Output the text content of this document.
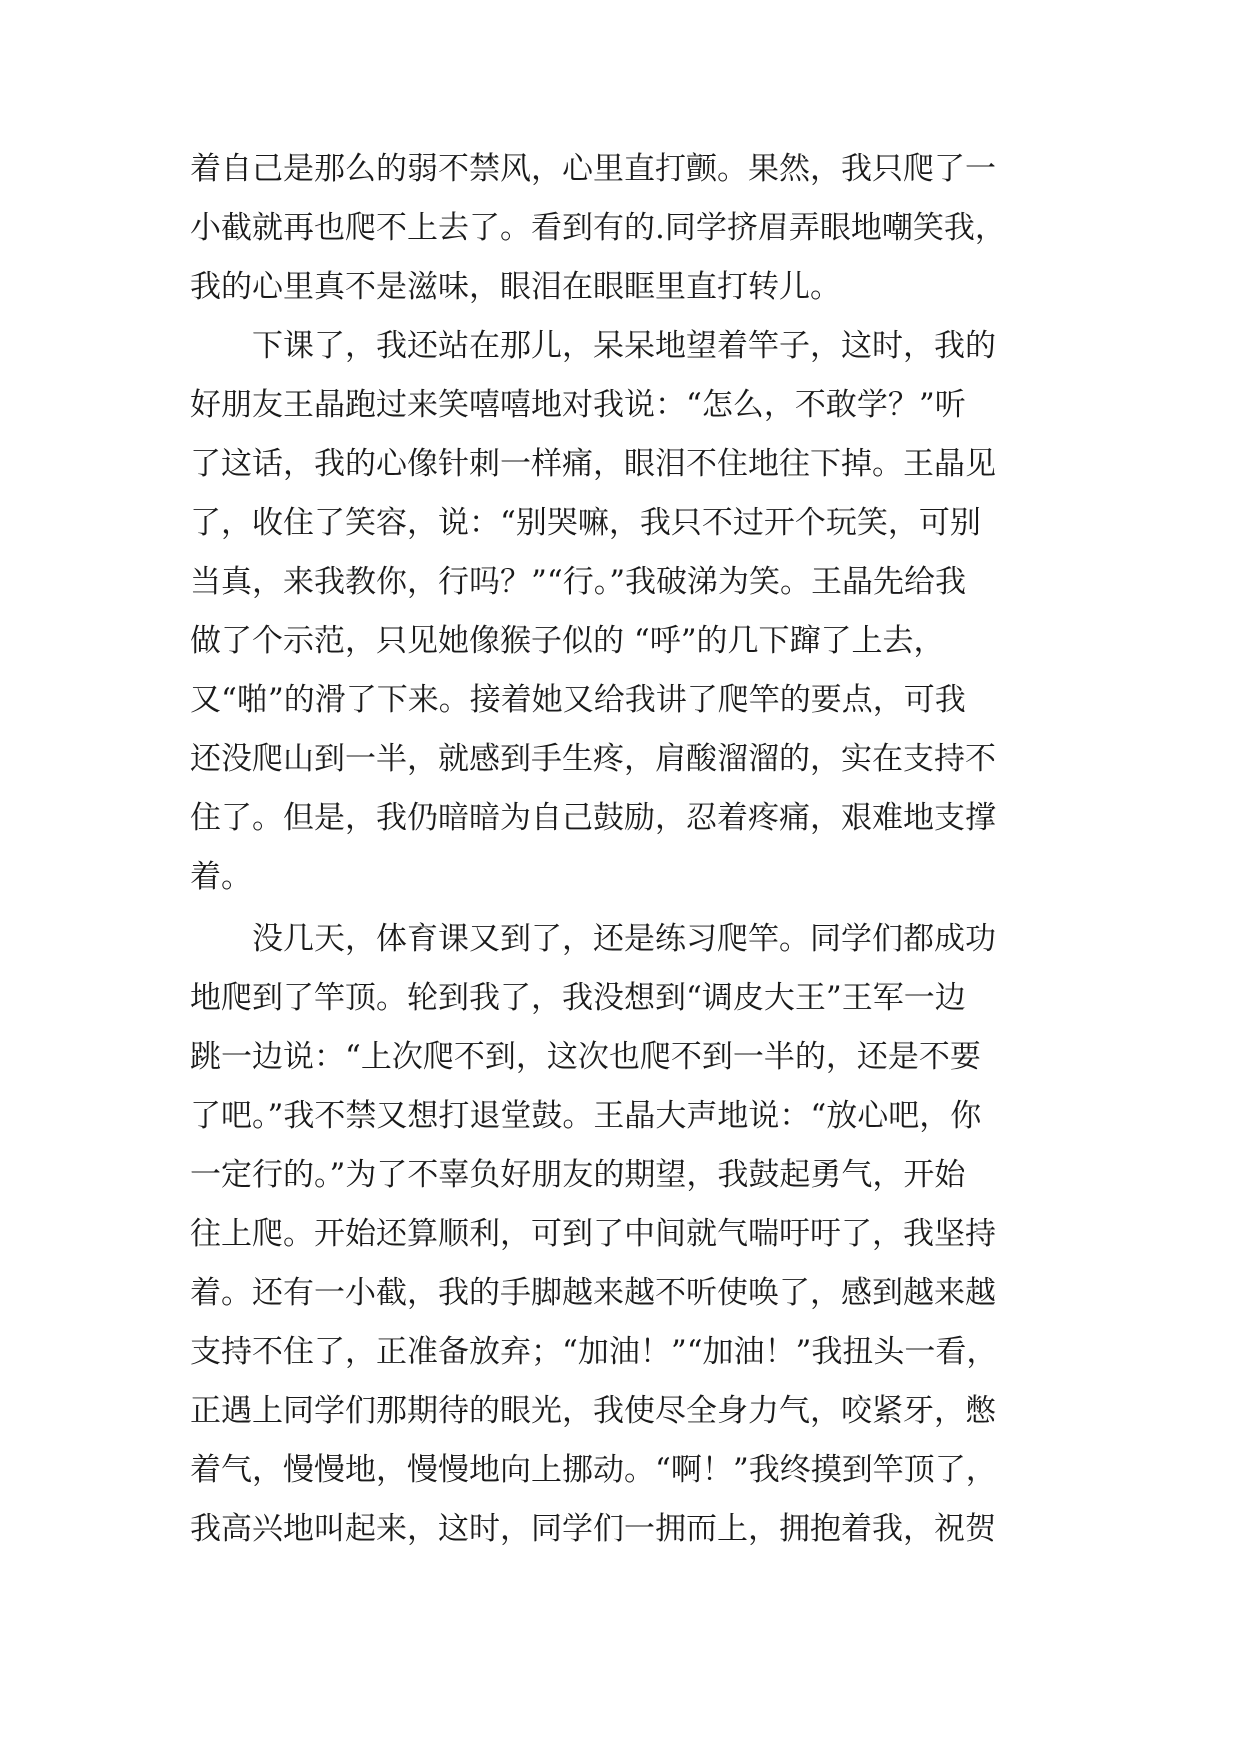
着自己是那么的弱不禁风，心里直打颤。果然，我只爬了一
小截就再也爬不上去了。看到有的.同学挤眉弄眼地嘲笑我，
我的心里真不是滋味，眼泪在眼眶里直打转儿。
　　下课了，我还站在那儿，呆呆地望着竿子，这时，我的
好朋友王晶跑过来笑嘻嘻地对我说：“怎么，不敢学？”听
了这话，我的心像针刺一样痛，眼泪不住地往下掉。王晶见
了，收住了笑容，说：“别哭嘛，我只不过开个玩笑，可别
当真，来我教你，行吗？”“行。”我破涕为笑。王晶先给我
做了个示范，只见她像猴子似的 “呼”的几下蹿了上去，
又“啪”的滑了下来。接着她又给我讲了爬竿的要点，可我
还没爬山到一半，就感到手生疼，肩酸溜溜的，实在支持不
住了。但是，我仍暗暗为自己鼓励，忍着疼痛，艰难地支撑
着。
　　没几天，体育课又到了，还是练习爬竿。同学们都成功
地爬到了竿顶。轮到我了，我没想到“调皮大王”王军一边
跳一边说：“上次爬不到，这次也爬不到一半的，还是不要
了吧。”我不禁又想打退堂鼓。王晶大声地说：“放心吧，你
一定行的。”为了不辜负好朋友的期望，我鼓起勇气，开始
往上爬。开始还算顺利，可到了中间就气喘吁吁了，我坚持
着。还有一小截，我的手脚越来越不听使唤了，感到越来越
支持不住了，正准备放弃；“加油！”“加油！”我扭头一看，
正遇上同学们那期待的眼光，我使尽全身力气，咬紧牙，憋
着气，慢慢地，慢慢地向上挪动。“啊！”我终摸到竿顶了，
我高兴地叫起来，这时，同学们一拥而上，拥抱着我，祝贺
